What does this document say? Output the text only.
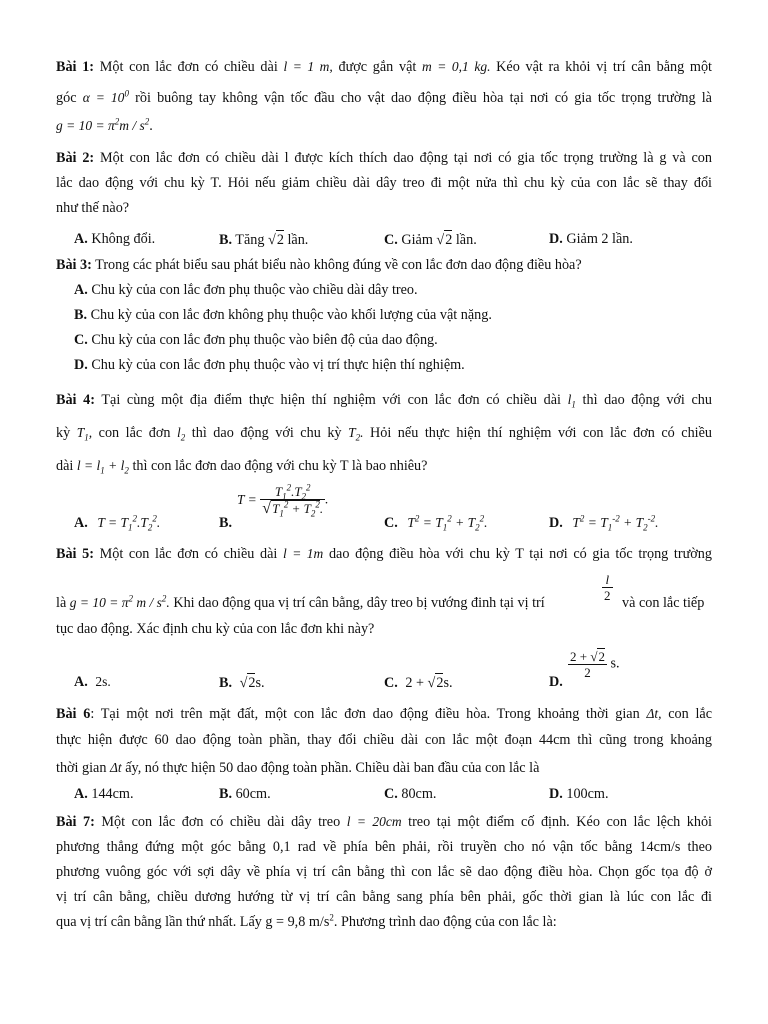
Bài 1: Một con lắc đơn có chiều dài l = 1 m, được gắn vật m = 0,1 kg. Kéo vật ra khỏi vị trí cân bằng một
góc $\alpha = 10^0$ rồi buông tay không vận tốc đầu cho vật dao động điều hòa tại nơi có gia tốc trọng trường là
$g = 10 = \pi^2m / s^2$.
Bài 2: Một con lắc đơn có chiều dài l được kích thích dao động tại nơi có gia tốc trọng trường là g và con
lắc dao động với chu kỳ T. Hỏi nếu giảm chiều dài dây treo đi một nửa thì chu kỳ của con lắc sẽ thay đổi
như thế nào?
A. Không đổi.	B. Tăng √2 lần.	C. Giảm √2 lần.	D. Giảm 2 lần.
Bài 3: Trong các phát biểu sau phát biểu nào không đúng về con lắc đơn dao động điều hòa?
A. Chu kỳ của con lắc đơn phụ thuộc vào chiều dài dây treo.
B. Chu kỳ của con lắc đơn không phụ thuộc vào khối lượng của vật nặng.
C. Chu kỳ của con lắc đơn phụ thuộc vào biên độ của dao động.
D. Chu kỳ của con lắc đơn phụ thuộc vào vị trí thực hiện thí nghiệm.
Bài 4: Tại cùng một địa điểm thực hiện thí nghiệm với con lắc đơn có chiều dài $l_1$ thì dao động với chu
kỳ $T_1$, con lắc đơn $l_2$ thì dao động với chu kỳ $T_2$. Hỏi nếu thực hiện thí nghiệm với con lắc đơn có chiều
dài $l = l_1 + l_2$ thì con lắc đơn dao động với chu kỳ T là bao nhiêu?
A. $T = T_1^2.T_2^2$.	B.
$T = \frac{T_1^2.T_2^2}{√T_1^2 + T_2^2.}$ .
C. $T^2 = T_1^2 + T_2^2$.	D. $T^2 = T_1^{-2} + T_2^{-2}$.
Bài 5: Một con lắc đơn có chiều dài l = 1m dao động điều hòa với chu kỳ T tại nơi có gia tốc trọng trường
là $g = 10 = \pi^2$ m / $s^2$. Khi dao động qua vị trí cân bằng, dây treo bị vướng đinh tại vị trí	$\frac{l}{2}$ và con lắc tiếp
tục dao động. Xác định chu kỳ của con lắc đơn khi này?
A. 2s.	B. √2s.	C. 2 + √2s.	D.
$\frac{2 + √2}{2} s$.
Bài 6: Tại một nơi trên mặt đất, một con lắc đơn dao động điều hòa. Trong khoảng thời gian Δt, con lắc
thực hiện được 60 dao động toàn phần, thay đổi chiều dài con lắc một đoạn 44cm thì cũng trong khoảng
thời gian Δt ấy, nó thực hiện 50 dao động toàn phần. Chiều dài ban đầu của con lắc là
A. 144cm.	B. 60cm.	C. 80cm.	D. 100cm.
Bài 7: Một con lắc đơn có chiều dài dây treo l = 20cm treo tại một điểm cố định. Kéo con lắc lệch khỏi
phương thẳng đứng một góc bằng 0,1 rad về phía bên phải, rồi truyền cho nó vận tốc bằng 14cm/s theo
phương vuông góc với sợi dây về phía vị trí cân bằng thì con lắc sẽ dao động điều hòa. Chọn gốc tọa độ ở
vị trí cân bằng, chiều dương hướng từ vị trí cân bằng sang phía bên phải, gốc thời gian là lúc con lắc đi
qua vị trí cân bằng lần thứ nhất. Lấy g = 9,8 $m/s^2$. Phương trình dao động của con lắc là:
